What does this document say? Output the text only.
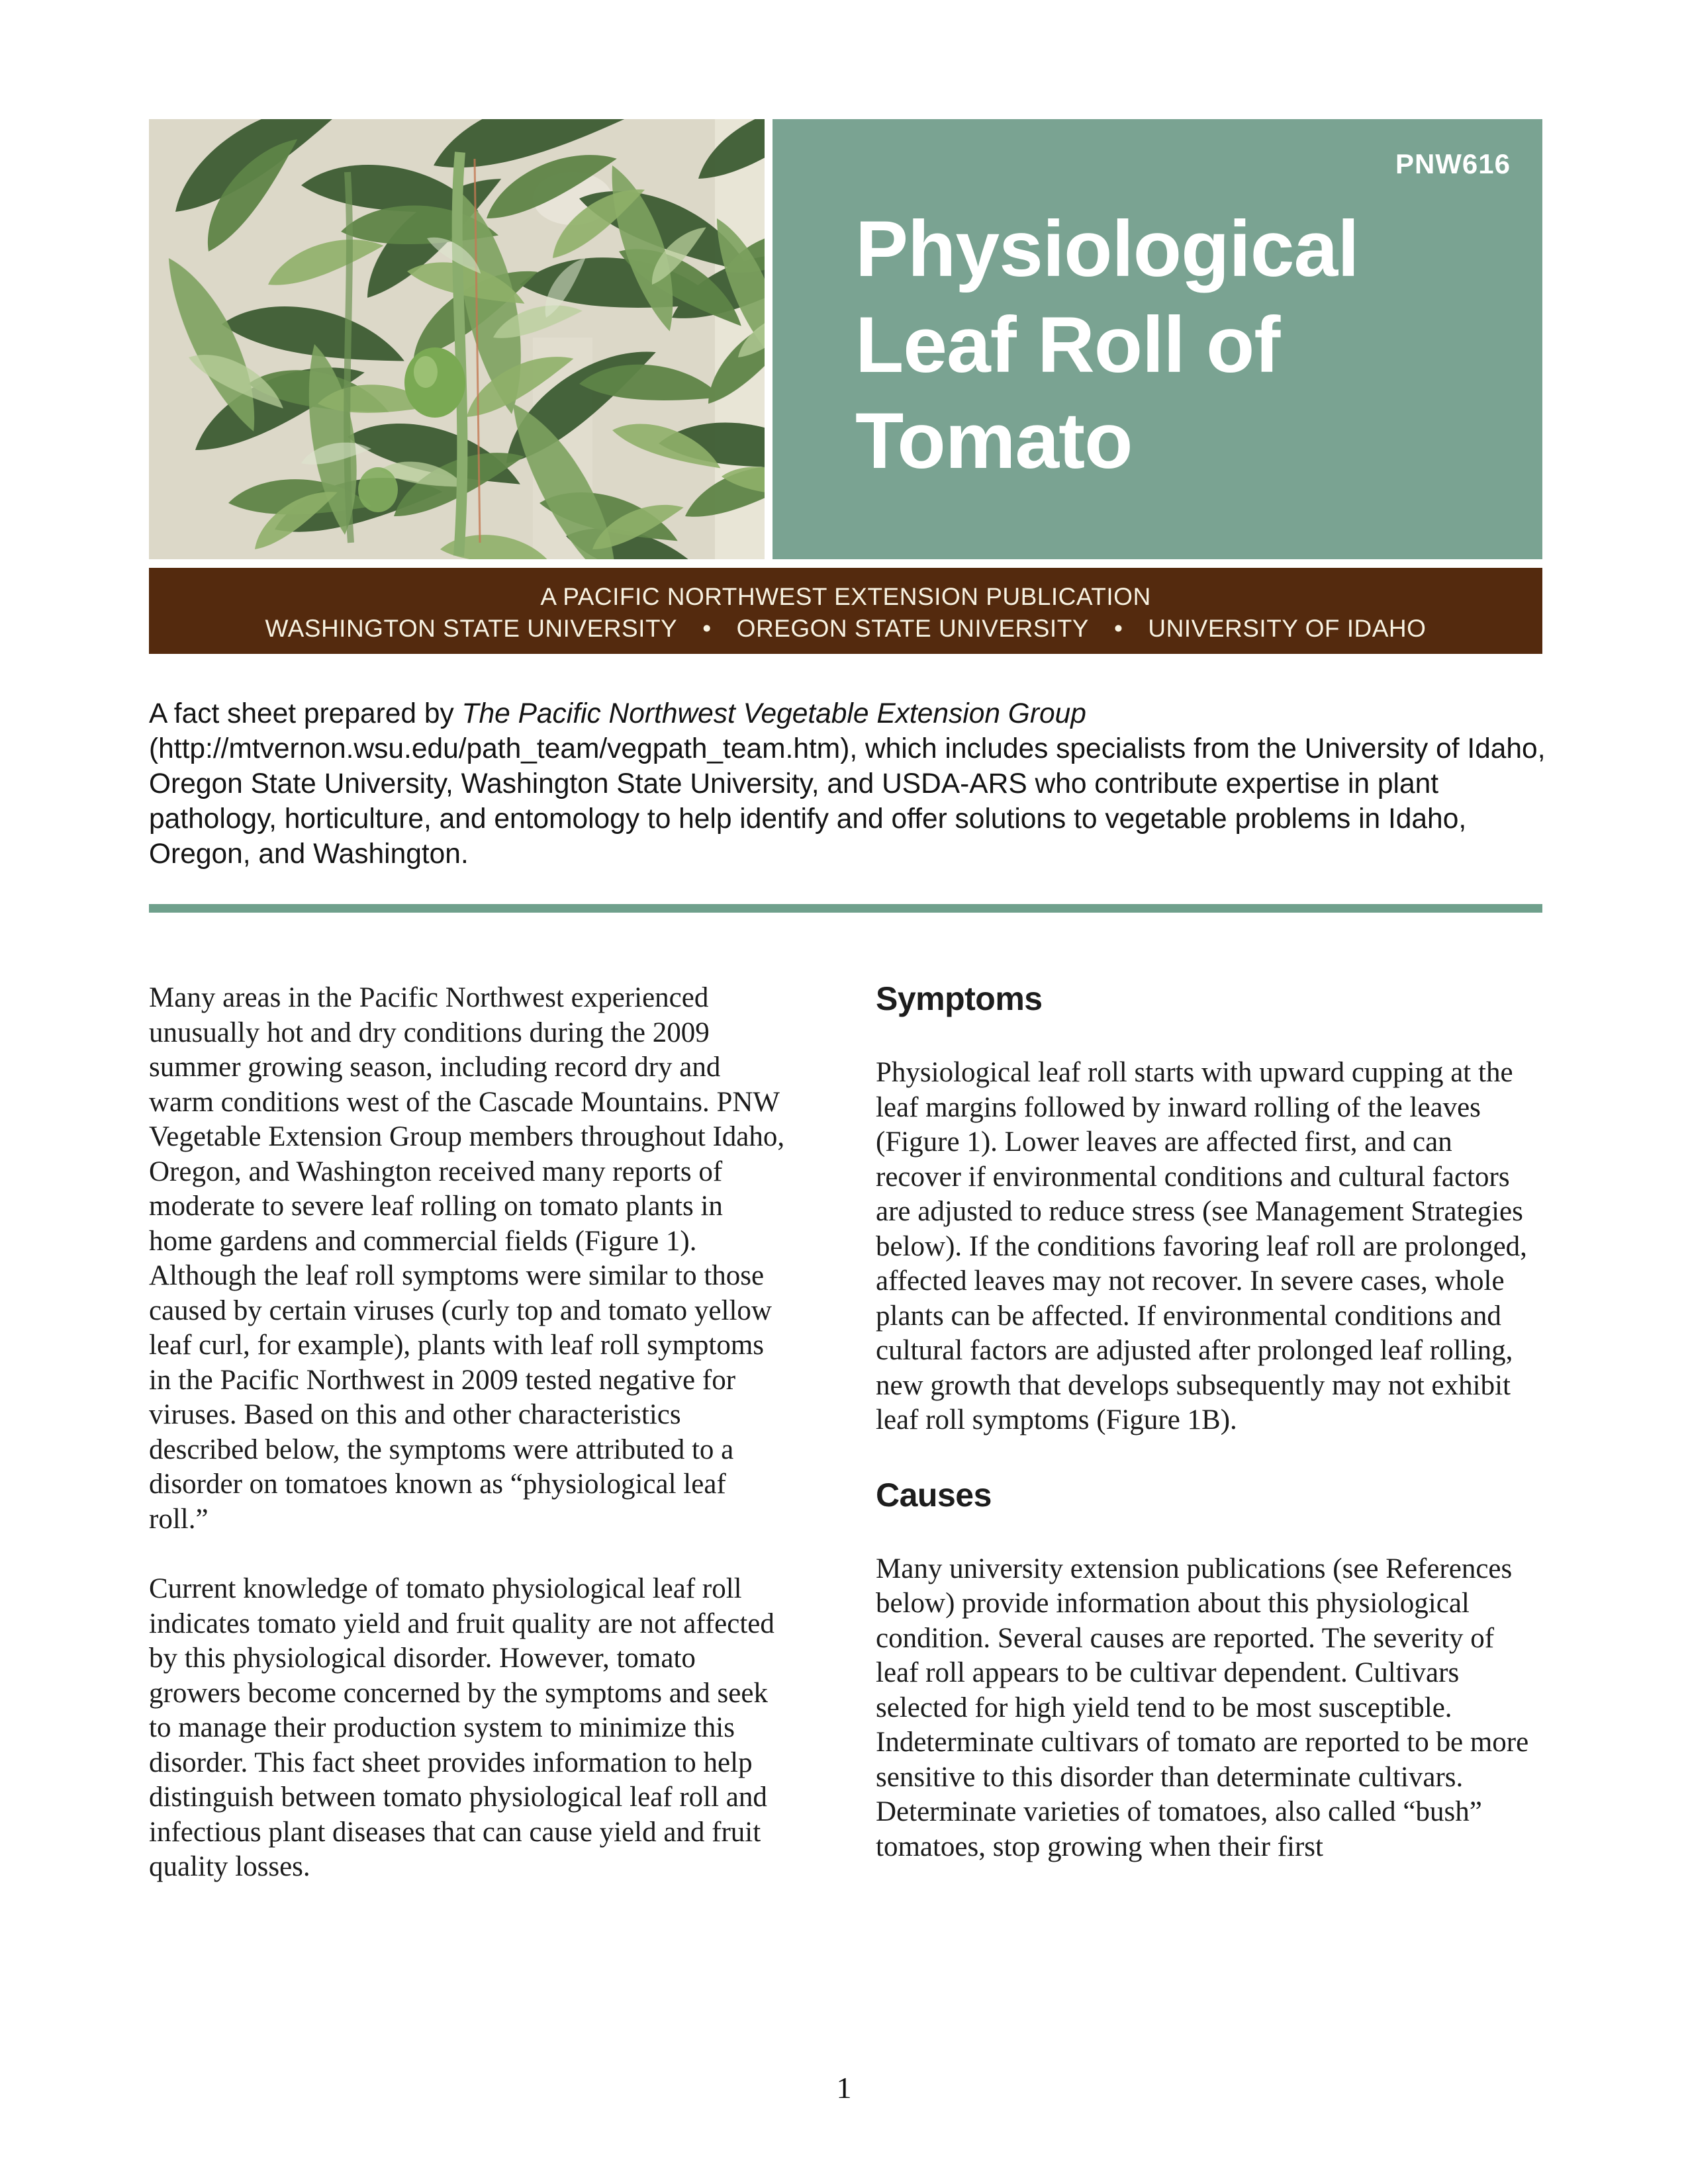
PNW616
Physiological
Leaf Roll of
Tomato
A PACIFIC NORTHWEST EXTENSION PUBLICATION
WASHINGTON STATE UNIVERSITY  •  OREGON STATE UNIVERSITY  •  UNIVERSITY OF IDAHO
A fact sheet prepared by The Pacific Northwest Vegetable Extension Group (http://mtvernon.wsu.edu/path_team/vegpath_team.htm), which includes specialists from the University of Idaho, Oregon State University, Washington State University, and USDA-ARS who contribute expertise in plant pathology, horticulture, and entomology to help identify and offer solutions to vegetable problems in Idaho, Oregon, and Washington.

Many areas in the Pacific Northwest experienced unusually hot and dry conditions during the 2009 summer growing season, including record dry and warm conditions west of the Cascade Mountains. PNW Vegetable Extension Group members throughout Idaho, Oregon, and Washington received many reports of moderate to severe leaf rolling on tomato plants in home gardens and commercial fields (Figure 1). Although the leaf roll symptoms were similar to those caused by certain viruses (curly top and tomato yellow leaf curl, for example), plants with leaf roll symptoms in the Pacific Northwest in 2009 tested negative for viruses. Based on this and other characteristics described below, the symptoms were attributed to a disorder on tomatoes known as “physiological leaf roll.”

Current knowledge of tomato physiological leaf roll indicates tomato yield and fruit quality are not affected by this physiological disorder. However, tomato growers become concerned by the symptoms and seek to manage their production system to minimize this disorder. This fact sheet provides information to help distinguish between tomato physiological leaf roll and infectious plant diseases that can cause yield and fruit quality losses.

Symptoms

Physiological leaf roll starts with upward cupping at the leaf margins followed by inward rolling of the leaves (Figure 1). Lower leaves are affected first, and can recover if environmental conditions and cultural factors are adjusted to reduce stress (see Management Strategies below). If the conditions favoring leaf roll are prolonged, affected leaves may not recover. In severe cases, whole plants can be affected. If environmental conditions and cultural factors are adjusted after prolonged leaf rolling, new growth that develops subsequently may not exhibit leaf roll symptoms (Figure 1B).

Causes

Many university extension publications (see References below) provide information about this physiological condition. Several causes are reported. The severity of leaf roll appears to be cultivar dependent. Cultivars selected for high yield tend to be most susceptible. Indeterminate cultivars of tomato are reported to be more sensitive to this disorder than determinate cultivars. Determinate varieties of tomatoes, also called “bush” tomatoes, stop growing when their first

1
